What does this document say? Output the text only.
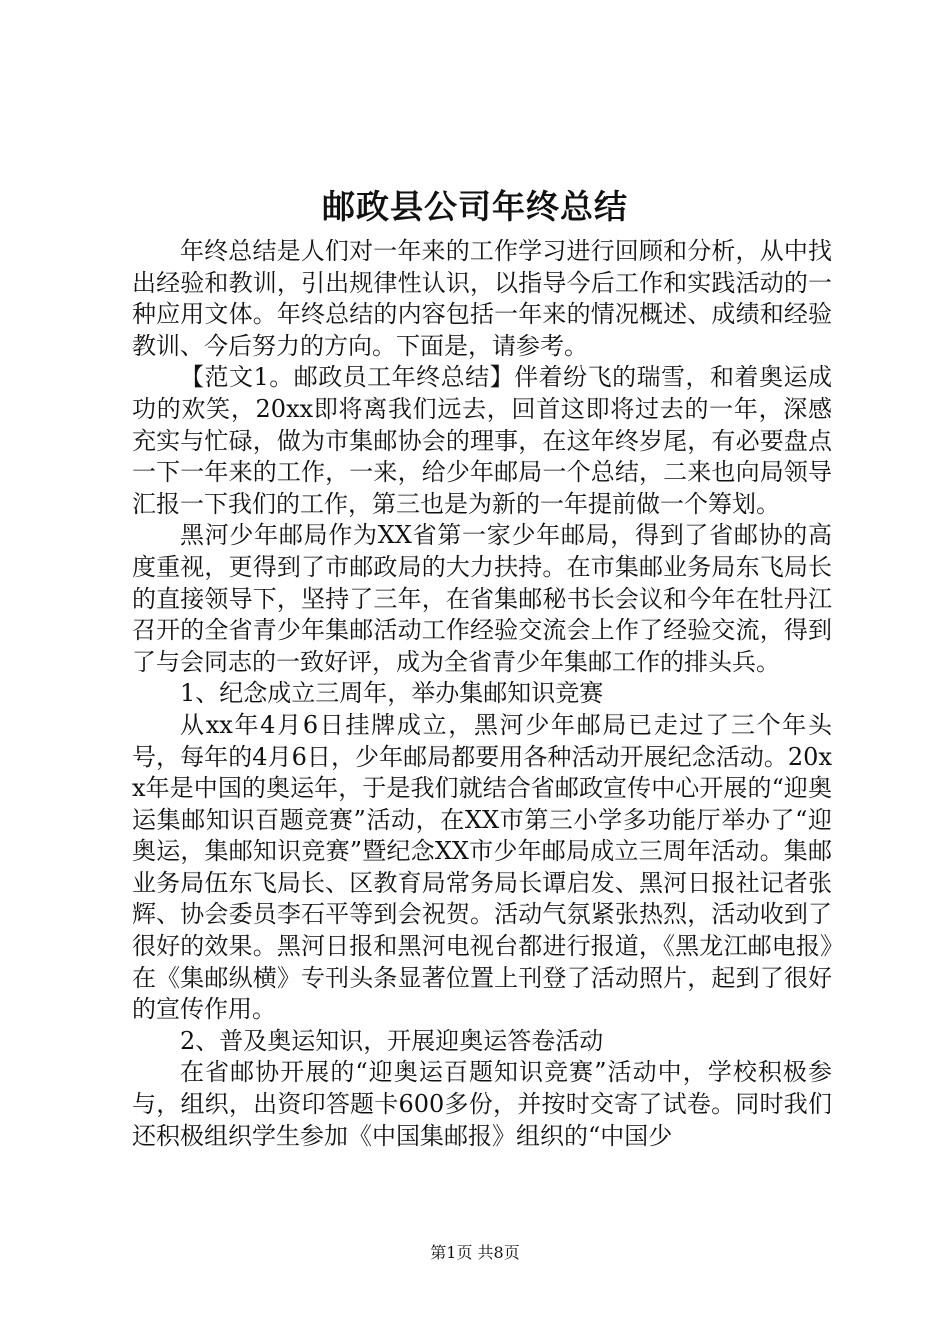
邮政县公司年终总结

年终总结是人们对一年来的工作学习进行回顾和分析，从中找出经验和教训，引出规律性认识，以指导今后工作和实践活动的一种应用文体。年终总结的内容包括一年来的情况概述、成绩和经验教训、今后努力的方向。下面是，请参考。

【范文1。邮政员工年终总结】伴着纷飞的瑞雪，和着奥运成功的欢笑，20xx即将离我们远去，回首这即将过去的一年，深感充实与忙碌，做为市集邮协会的理事，在这年终岁尾，有必要盘点一下一年来的工作，一来，给少年邮局一个总结，二来也向局领导汇报一下我们的工作，第三也是为新的一年提前做一个筹划。

黑河少年邮局作为XX省第一家少年邮局，得到了省邮协的高度重视，更得到了市邮政局的大力扶持。在市集邮业务局东飞局长的直接领导下，坚持了三年，在省集邮秘书长会议和今年在牡丹江召开的全省青少年集邮活动工作经验交流会上作了经验交流，得到了与会同志的一致好评，成为全省青少年集邮工作的排头兵。

1、纪念成立三周年，举办集邮知识竞赛

从xx年4月6日挂牌成立，黑河少年邮局已走过了三个年头号，每年的4月6日，少年邮局都要用各种活动开展纪念活动。20xx年是中国的奥运年，于是我们就结合省邮政宣传中心开展的“迎奥运集邮知识百题竞赛”活动，在XX市第三小学多功能厅举办了“迎奥运，集邮知识竞赛”暨纪念XX市少年邮局成立三周年活动。集邮业务局伍东飞局长、区教育局常务局长谭启发、黑河日报社记者张辉、协会委员李石平等到会祝贺。活动气氛紧张热烈，活动收到了很好的效果。黑河日报和黑河电视台都进行报道，《黑龙江邮电报》在《集邮纵横》专刊头条显著位置上刊登了活动照片，起到了很好的宣传作用。

2、普及奥运知识，开展迎奥运答卷活动

在省邮协开展的“迎奥运百题知识竞赛”活动中，学校积极参与，组织，出资印答题卡600多份，并按时交寄了试卷。同时我们还积极组织学生参加《中国集邮报》组织的“中国少

第1页 共8页
